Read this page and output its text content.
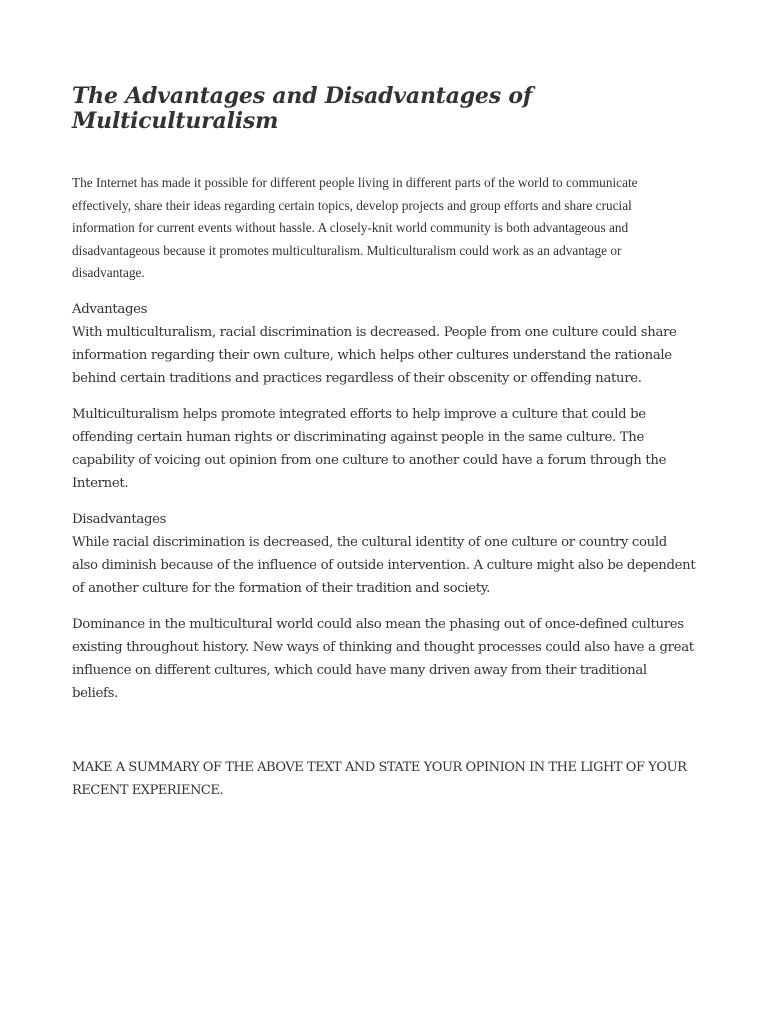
The Advantages and Disadvantages of Multiculturalism

The Internet has made it possible for different people living in different parts of the world to communicate effectively, share their ideas regarding certain topics, develop projects and group efforts and share crucial information for current events without hassle. A closely-knit world community is both advantageous and disadvantageous because it promotes multiculturalism. Multiculturalism could work as an advantage or disadvantage.

Advantages

With multiculturalism, racial discrimination is decreased. People from one culture could share information regarding their own culture, which helps other cultures understand the rationale behind certain traditions and practices regardless of their obscenity or offending nature.

Multiculturalism helps promote integrated efforts to help improve a culture that could be offending certain human rights or discriminating against people in the same culture. The capability of voicing out opinion from one culture to another could have a forum through the Internet.

Disadvantages

While racial discrimination is decreased, the cultural identity of one culture or country could also diminish because of the influence of outside intervention. A culture might also be dependent of another culture for the formation of their tradition and society.

Dominance in the multicultural world could also mean the phasing out of once-defined cultures existing throughout history. New ways of thinking and thought processes could also have a great influence on different cultures, which could have many driven away from their traditional beliefs.

MAKE A SUMMARY OF THE ABOVE TEXT AND STATE YOUR OPINION IN THE LIGHT OF YOUR RECENT EXPERIENCE.
